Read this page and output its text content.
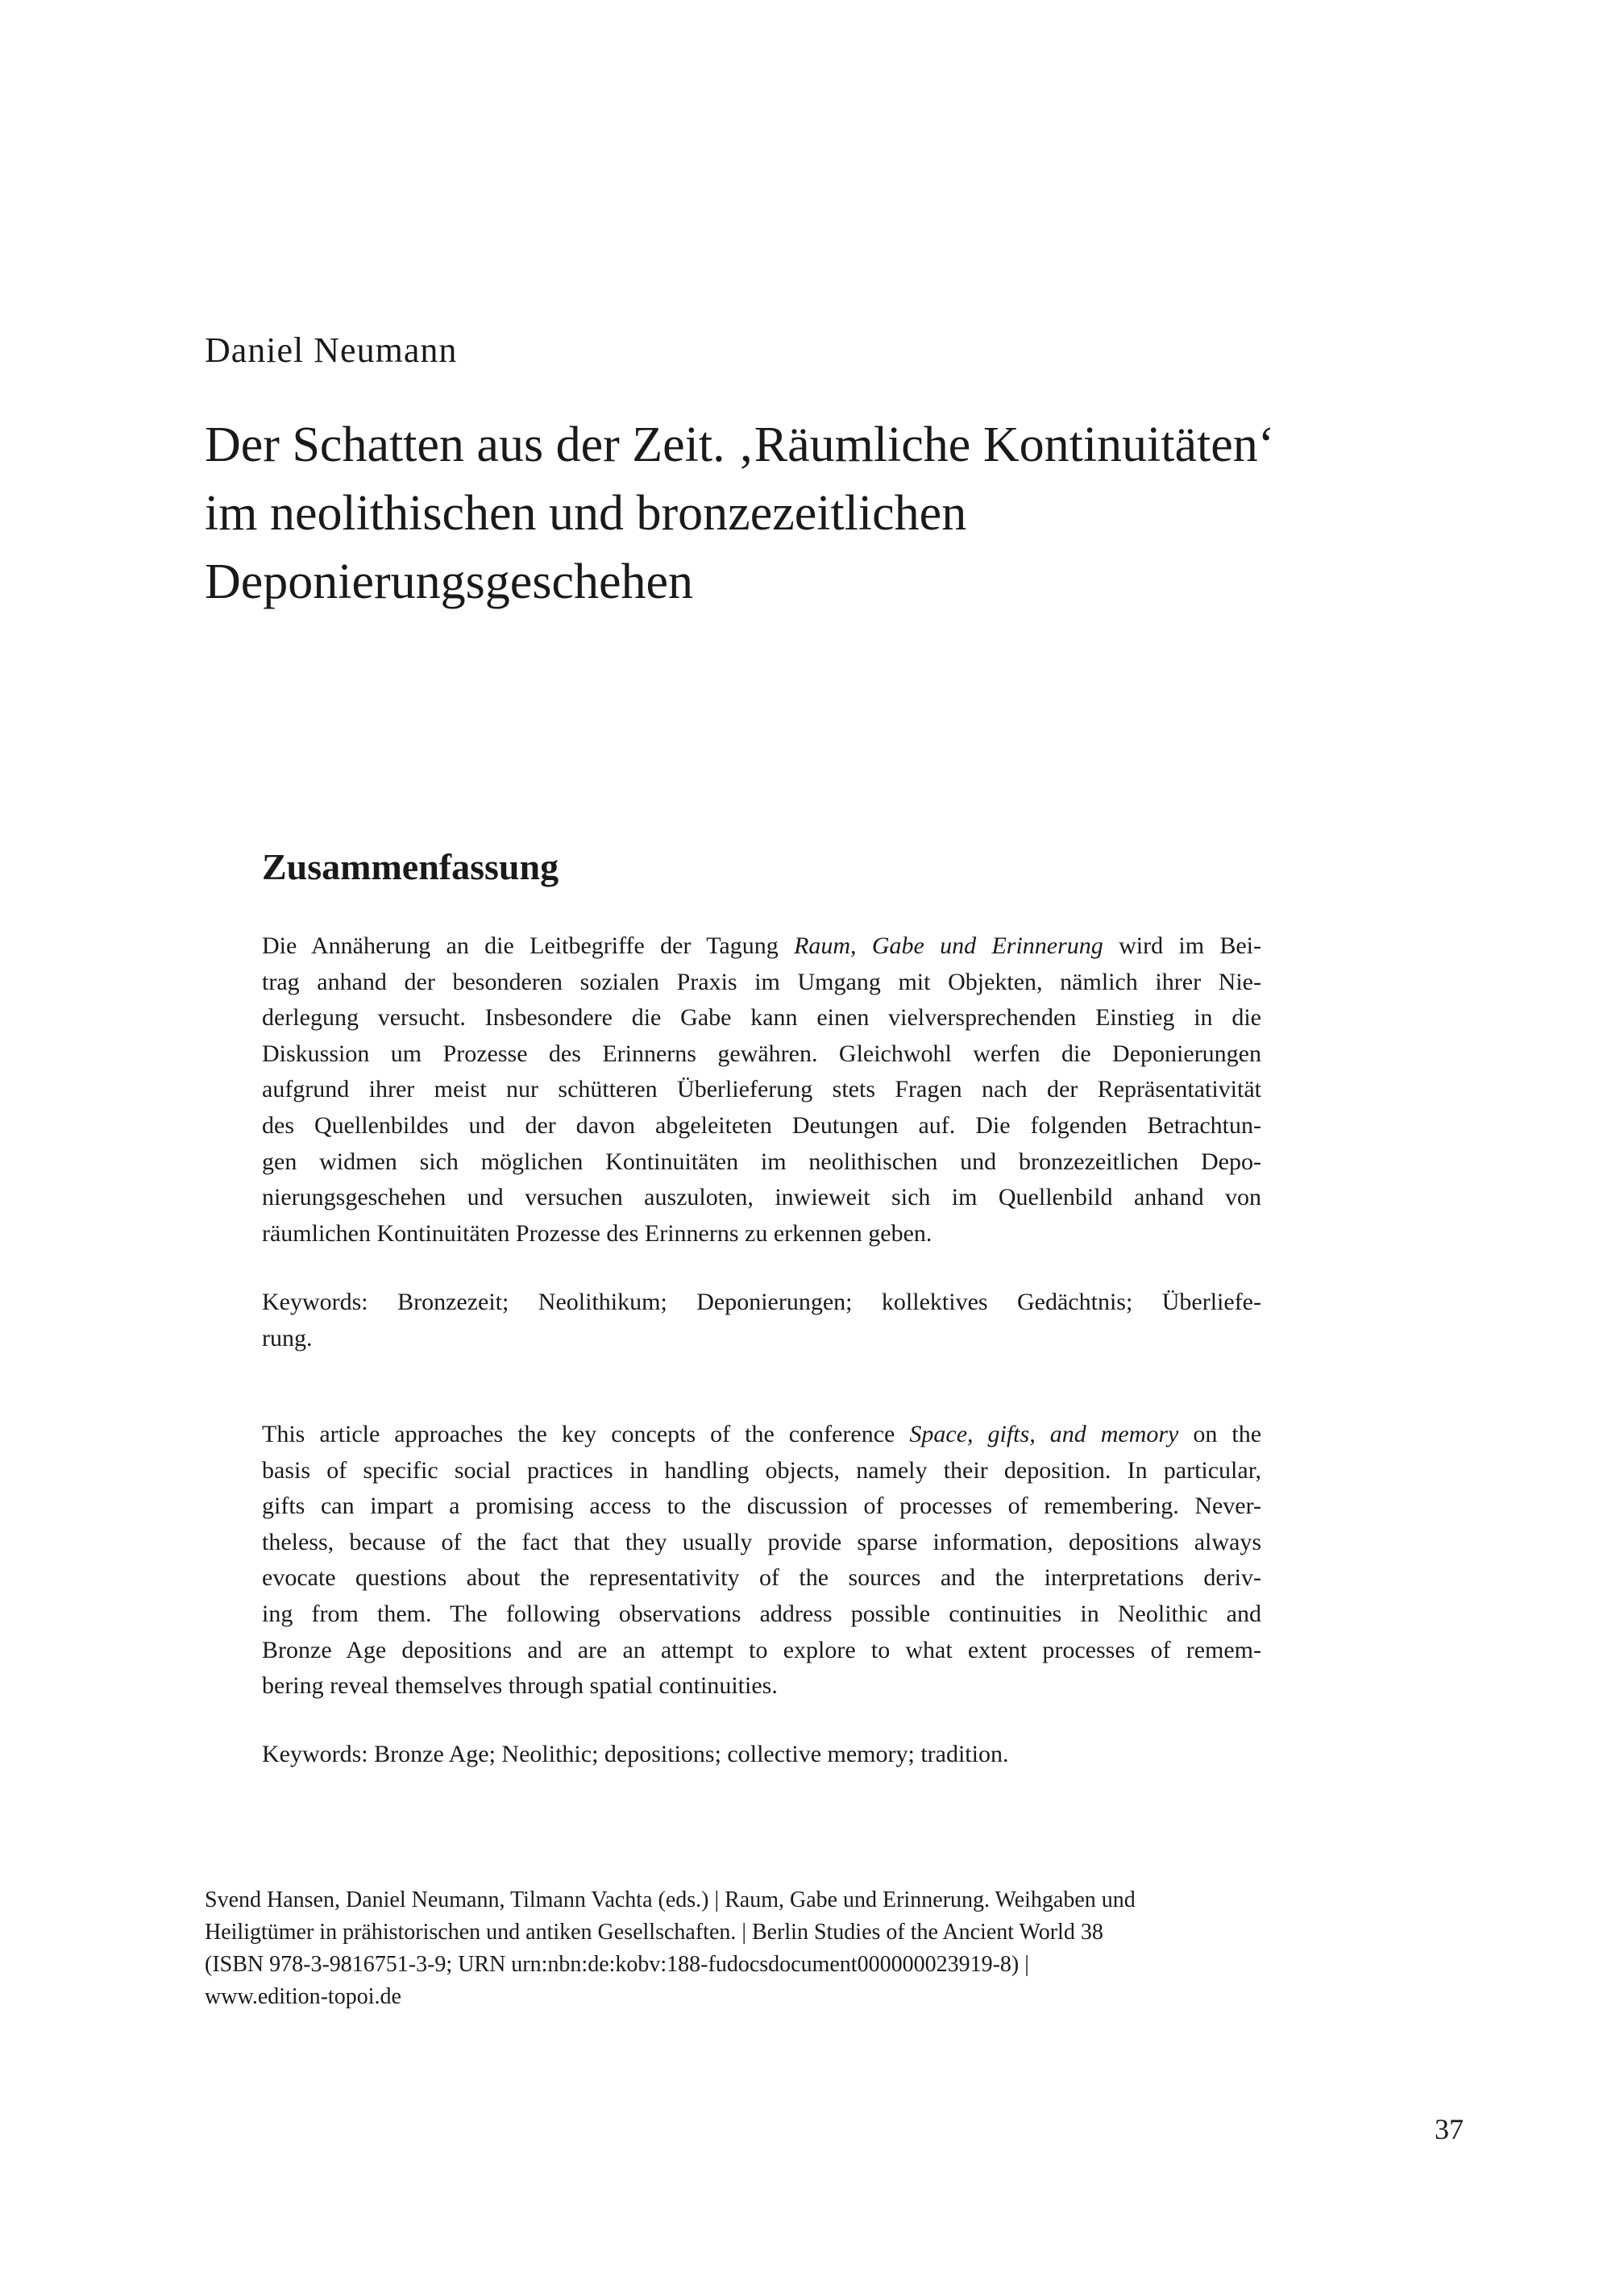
Daniel Neumann
Der Schatten aus der Zeit. ‚Räumliche Kontinuitäten‘
im neolithischen und bronzezeitlichen
Deponierungsgeschehen
Zusammenfassung
Die Annäherung an die Leitbegriffe der Tagung Raum, Gabe und Erinnerung wird im Bei-
trag anhand der besonderen sozialen Praxis im Umgang mit Objekten, nämlich ihrer Nie-
derlegung versucht. Insbesondere die Gabe kann einen vielversprechenden Einstieg in die
Diskussion um Prozesse des Erinnerns gewähren. Gleichwohl werfen die Deponierungen
aufgrund ihrer meist nur schütteren Überlieferung stets Fragen nach der Repräsentativität
des Quellenbildes und der davon abgeleiteten Deutungen auf. Die folgenden Betrachtun-
gen widmen sich möglichen Kontinuitäten im neolithischen und bronzezeitlichen Depo-
nierungsgeschehen und versuchen auszuloten, inwieweit sich im Quellenbild anhand von
räumlichen Kontinuitäten Prozesse des Erinnerns zu erkennen geben.
Keywords: Bronzezeit; Neolithikum; Deponierungen; kollektives Gedächtnis; Überliefe-
rung.
This article approaches the key concepts of the conference Space, gifts, and memory on the
basis of specific social practices in handling objects, namely their deposition. In particular,
gifts can impart a promising access to the discussion of processes of remembering. Never-
theless, because of the fact that they usually provide sparse information, depositions always
evocate questions about the representativity of the sources and the interpretations deriv-
ing from them. The following observations address possible continuities in Neolithic and
Bronze Age depositions and are an attempt to explore to what extent processes of remem-
bering reveal themselves through spatial continuities.
Keywords: Bronze Age; Neolithic; depositions; collective memory; tradition.
Svend Hansen, Daniel Neumann, Tilmann Vachta (eds.) | Raum, Gabe und Erinnerung. Weihgaben und
Heiligtümer in prähistorischen und antiken Gesellschaften. | Berlin Studies of the Ancient World 38
(ISBN 978-3-9816751-3-9; URN urn:nbn:de:kobv:188-fudocsdocument000000023919-8) |
www.edition-topoi.de
37
